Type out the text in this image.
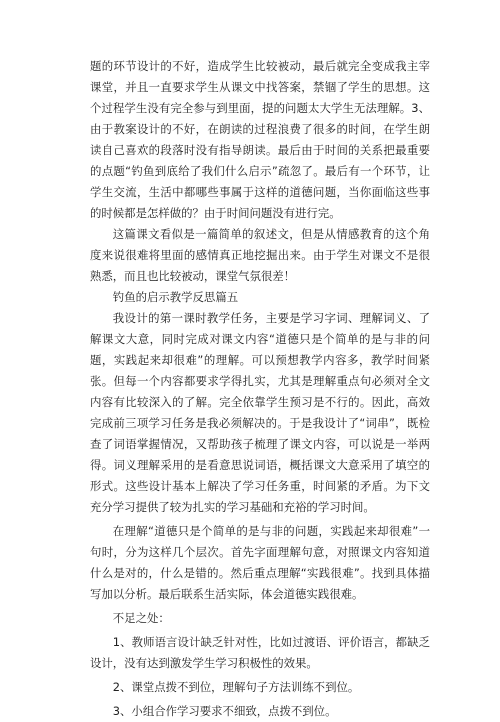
题的环节设计的不好，造成学生比较被动，最后就完全变成我主宰课堂，并且一直要求学生从课文中找答案，禁锢了学生的思想。这个过程学生没有完全参与到里面，提的问题太大学生无法理解。3、由于教案设计的不好，在朗读的过程浪费了很多的时间，在学生朗读自己喜欢的段落时没有指导朗读。最后由于时间的关系把最重要的点题“钓鱼到底给了我们什么启示”疏忽了。最后有一个环节，让学生交流，生活中都哪些事属于这样的道德问题，当你面临这些事的时候都是怎样做的？由于时间问题没有进行完。

这篇课文看似是一篇简单的叙述文，但是从情感教育的这个角度来说很难将里面的感情真正地挖掘出来。由于学生对课文不是很熟悉，而且也比较被动，课堂气氛很差！

钓鱼的启示教学反思篇五

我设计的第一课时教学任务，主要是学习字词、理解词义、了解课文大意，同时完成对课文内容“道德只是个简单的是与非的问题，实践起来却很难”的理解。可以预想教学内容多，教学时间紧张。但每一个内容都要求学得扎实，尤其是理解重点句必须对全文内容有比较深入的了解。完全依靠学生预习是不行的。因此，高效完成前三项学习任务是我必须解决的。于是我设计了“词串”，既检查了词语掌握情况，又帮助孩子梳理了课文内容，可以说是一举两得。词义理解采用的是看意思说词语，概括课文大意采用了填空的形式。这些设计基本上解决了学习任务重，时间紧的矛盾。为下文充分学习提供了较为扎实的学习基础和充裕的学习时间。

在理解“道德只是个简单的是与非的问题，实践起来却很难”一句时，分为这样几个层次。首先字面理解句意，对照课文内容知道什么是对的，什么是错的。然后重点理解“实践很难”。找到具体描写加以分析。最后联系生活实际，体会道德实践很难。

不足之处：

1、教师语言设计缺乏针对性，比如过渡语、评价语言，都缺乏设计，没有达到激发学生学习积极性的效果。

2、课堂点拨不到位，理解句子方法训练不到位。

3、小组合作学习要求不细致，点拨不到位。
